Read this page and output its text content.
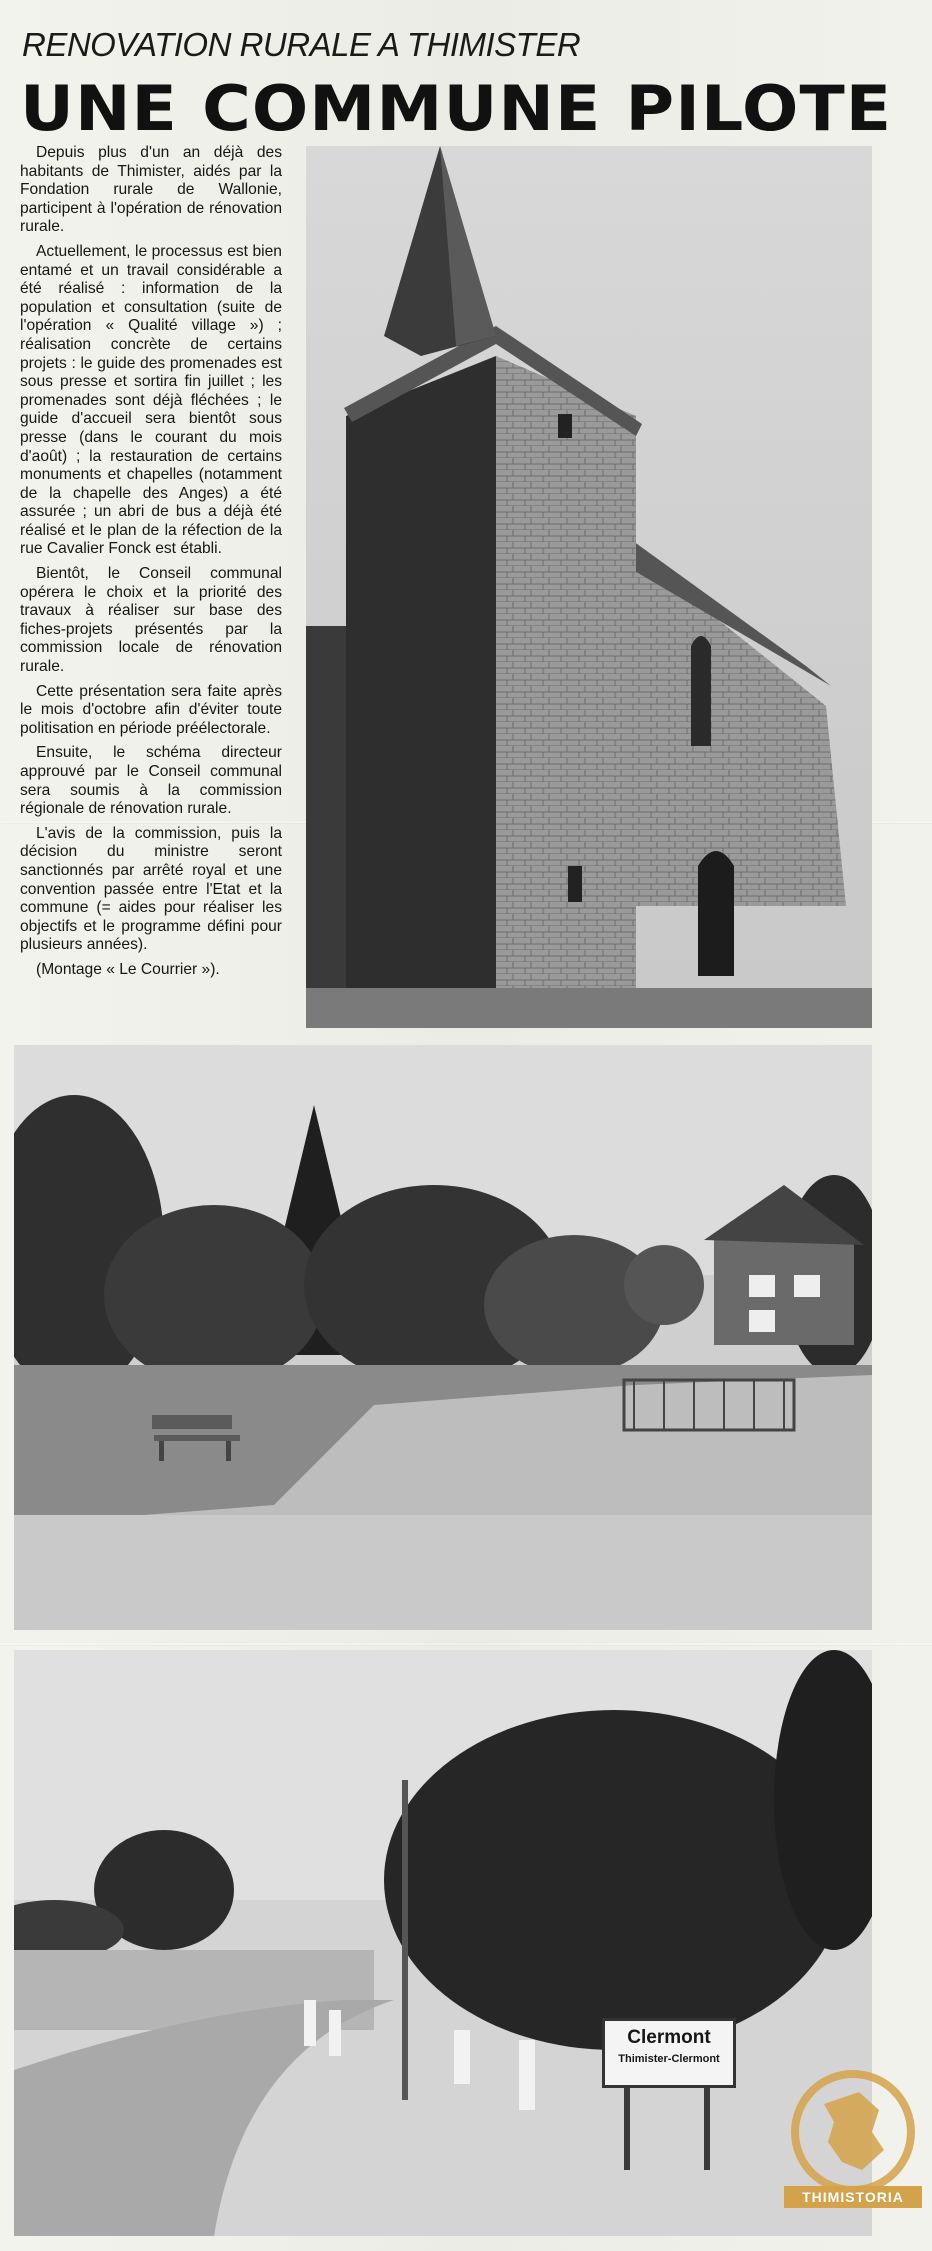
RENOVATION RURALE A THIMISTER
UNE COMMUNE PILOTE

Depuis plus d'un an déjà des habitants de Thimister, aidés par la Fondation rurale de Wallonie, participent à l'opération de rénovation rurale.

Actuellement, le processus est bien entamé et un travail considérable a été réalisé : information de la population et consultation (suite de l'opération « Qualité village ») ; réalisation concrète de certains projets : le guide des promenades est sous presse et sortira fin juillet ; les promenades sont déjà fléchées ; le guide d'accueil sera bientôt sous presse (dans le courant du mois d'août) ; la restauration de certains monuments et chapelles (notamment de la chapelle des Anges) a été assurée ; un abri de bus a déjà été réalisé et le plan de la réfection de la rue Cavalier Fonck est établi.

Bientôt, le Conseil communal opérera le choix et la priorité des travaux à réaliser sur base des fiches-projets présentés par la commission locale de rénovation rurale.

Cette présentation sera faite après le mois d'octobre afin d'éviter toute politisation en période préélectorale.

Ensuite, le schéma directeur approuvé par le Conseil communal sera soumis à la commission régionale de rénovation rurale.

L'avis de la commission, puis la décision du ministre seront sanctionnés par arrêté royal et une convention passée entre l'Etat et la commune (= aides pour réaliser les objectifs et le programme défini pour plusieurs années).

(Montage « Le Courrier »).

Clermont
Thimister-Clermont
THIMISTORIA
